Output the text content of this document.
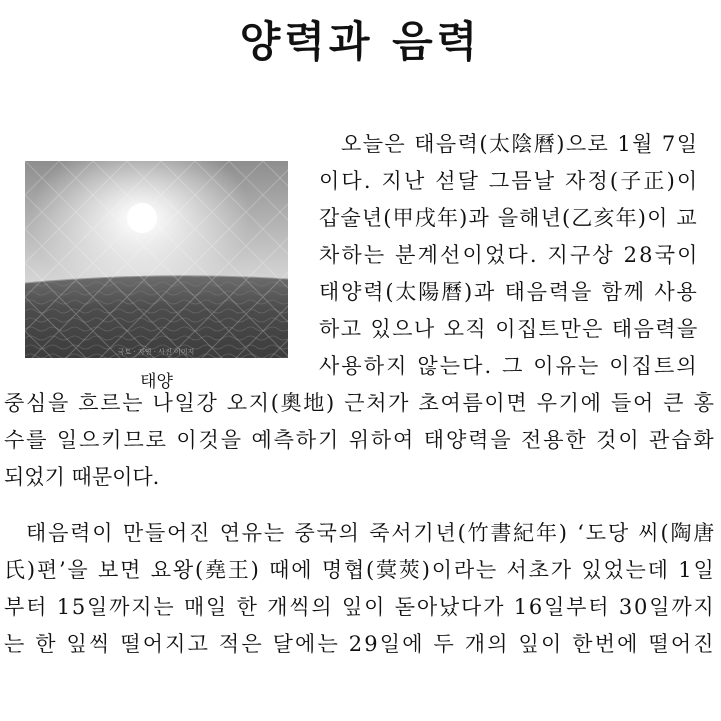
양력과 음력
국토 · 자연 · 사진 이미지
태양
오늘은 태음력(太陰曆)으로 1월 7일
이다. 지난 섣달 그믐날 자정(子正)이
갑술년(甲戌年)과 을해년(乙亥年)이 교
차하는 분계선이었다. 지구상 28국이
태양력(太陽曆)과 태음력을 함께 사용
하고 있으나 오직 이집트만은 태음력을
사용하지 않는다. 그 이유는 이집트의
중심을 흐르는 나일강 오지(奧地) 근처가 초여름이면 우기에 들어 큰 홍
수를 일으키므로 이것을 예측하기 위하여 태양력을 전용한 것이 관습화
되었기 때문이다.
태음력이 만들어진 연유는 중국의 죽서기년(竹書紀年) ‘도당 씨(陶唐
氏)편’을 보면 요왕(堯王) 때에 명협(蓂莢)이라는 서초가 있었는데 1일
부터 15일까지는 매일 한 개씩의 잎이 돋아났다가 16일부터 30일까지
는 한 잎씩 떨어지고 적은 달에는 29일에 두 개의 잎이 한번에 떨어진
